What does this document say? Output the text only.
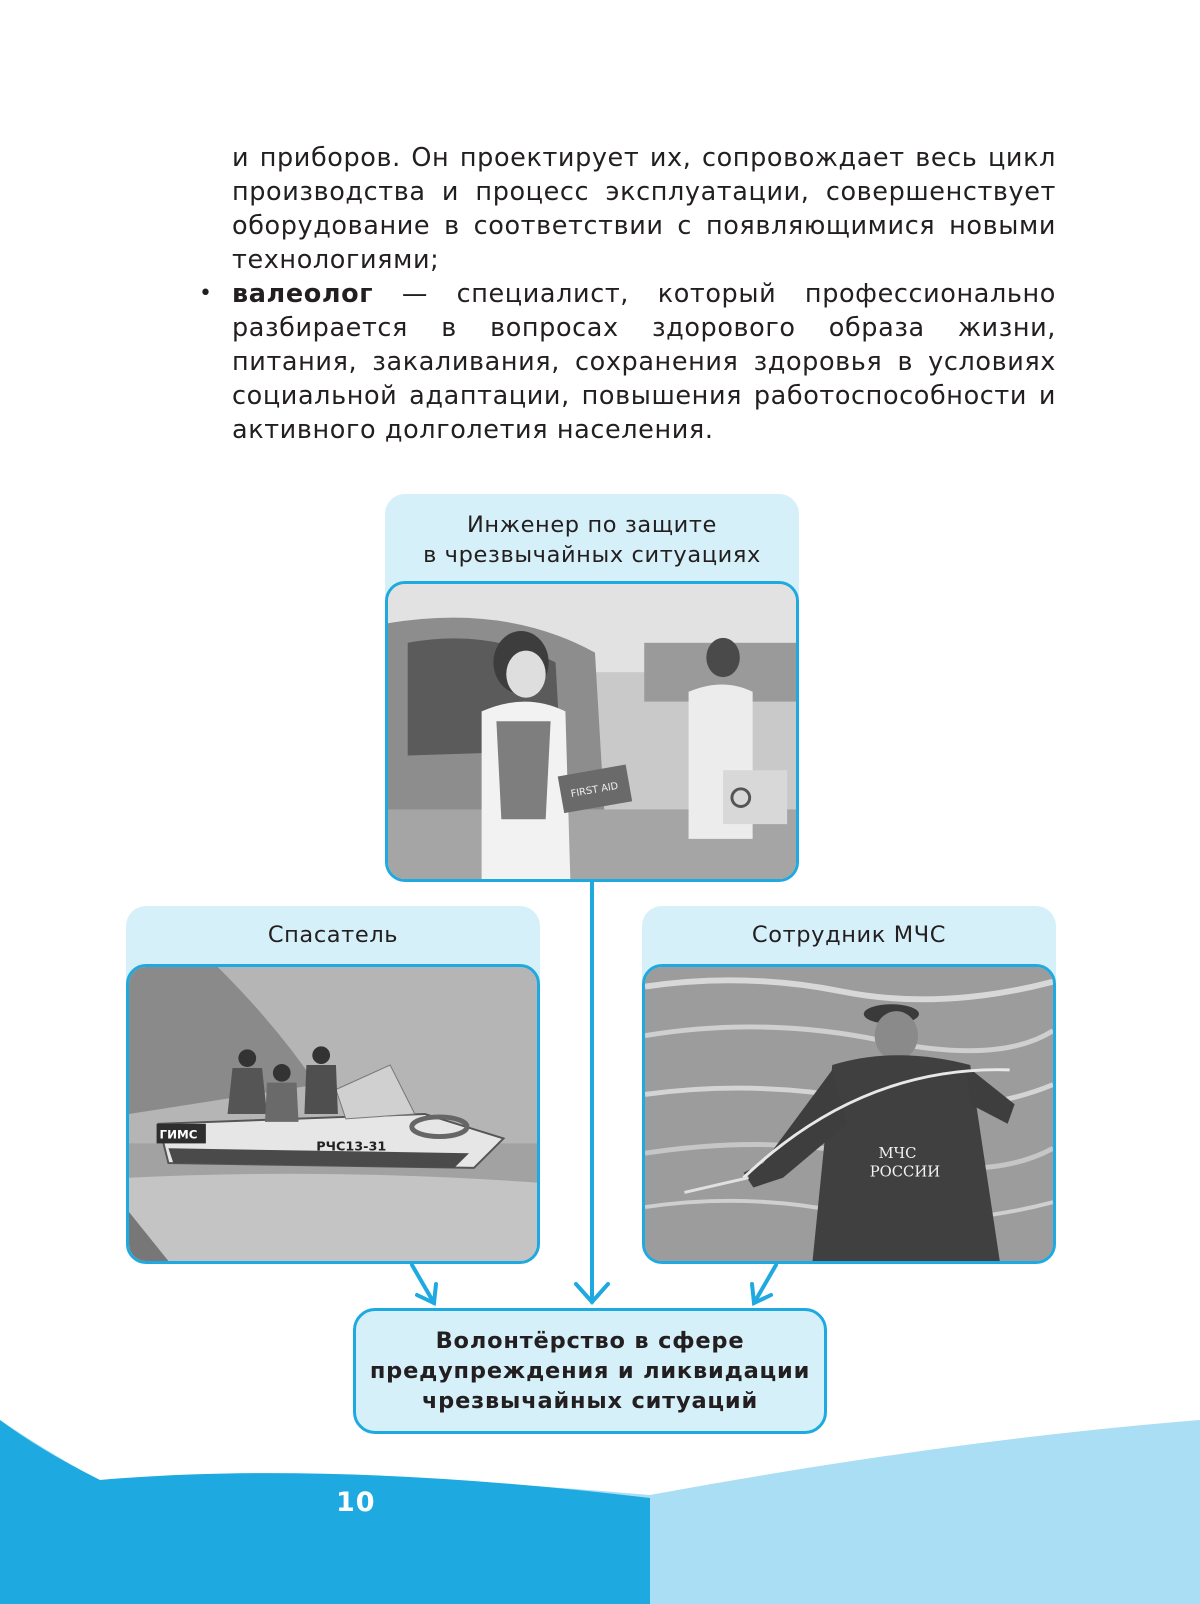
и приборов. Он проектирует их, сопровождает весь цикл производства и процесс эксплуатации, совершенствует оборудование в соответствии с появляющимися новыми технологиями;

• валеолог — специалист, который профессионально разбирается в вопросах здорового образа жизни, питания, закаливания, сохранения здоровья в условиях социальной адаптации, повышения работоспособности и активного долголетия населения.

Инженер по защите
в чрезвычайных ситуациях
FIRST AID
Спасатель
ГИМС
РЧС13-31
Сотрудник МЧС
МЧС
РОССИИ
Волонтёрство в сфере
предупреждения и ликвидации
чрезвычайных ситуаций
10
